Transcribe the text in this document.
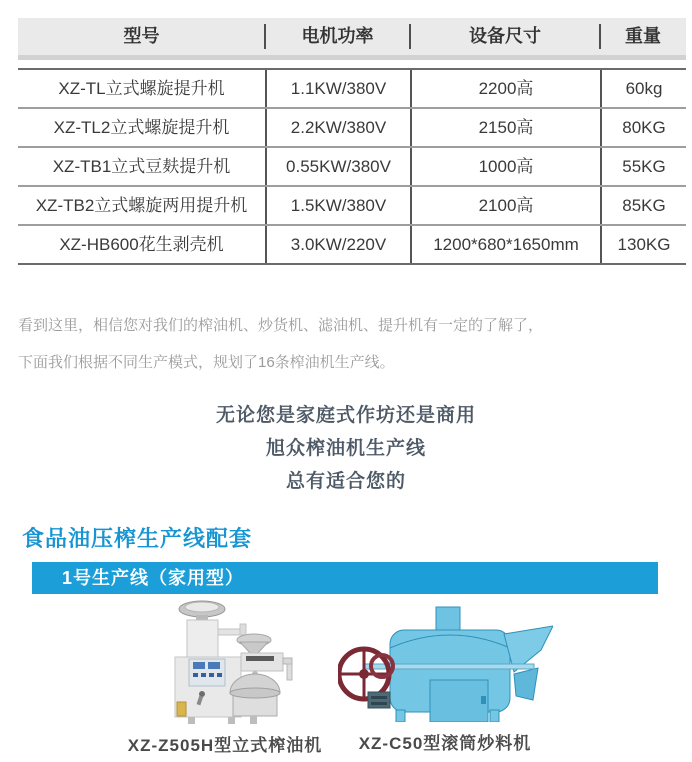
型号	电机功率	设备尺寸	重量
XZ-TL立式螺旋提升机	1.1KW/380V	2200高	60kg
XZ-TL2立式螺旋提升机	2.2KW/380V	2150高	80KG
XZ-TB1立式豆麸提升机	0.55KW/380V	1000高	55KG
XZ-TB2立式螺旋两用提升机	1.5KW/380V	2100高	85KG
XZ-HB600花生剥壳机	3.0KW/220V	1200*680*1650mm	130KG
看到这里，相信您对我们的榨油机、炒货机、滤油机、提升机有一定的了解了，
下面我们根据不同生产模式，规划了16条榨油机生产线。
无论您是家庭式作坊还是商用
旭众榨油机生产线
总有适合您的
食品油压榨生产线配套
1号生产线（家用型）
XZ-Z505H型立式榨油机	XZ-C50型滚筒炒料机
